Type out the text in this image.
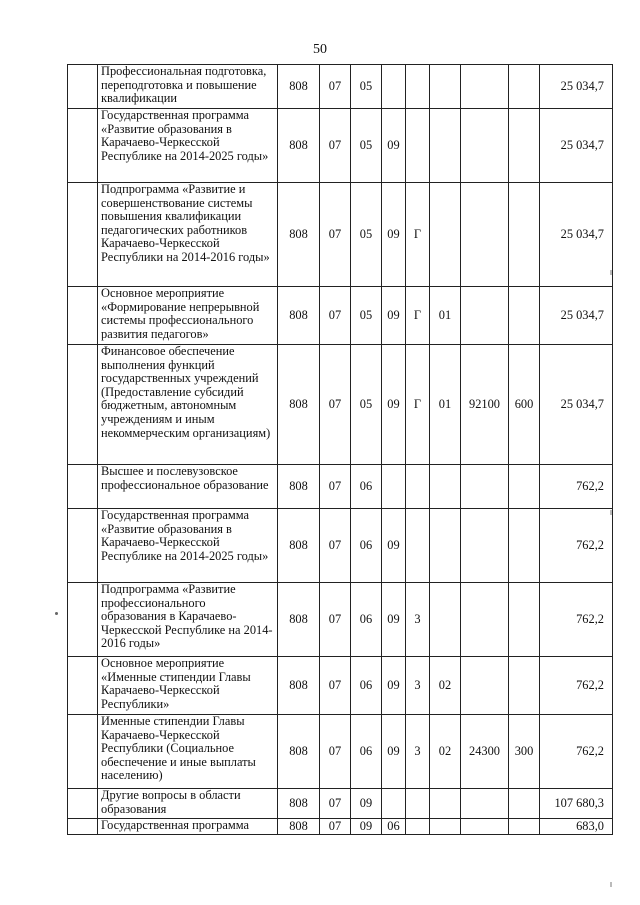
50
	Профессиональная подготовка, переподготовка и повышение квалификации	808	07	05						25 034,7
	Государственная программа «Развитие образования в Карачаево-Черкесской Республике на 2014-2025 годы»	808	07	05	09					25 034,7
	Подпрограмма «Развитие и совершенствование системы повышения квалификации педагогических работников Карачаево-Черкесской Республики на 2014-2016 годы»	808	07	05	09	Г				25 034,7
	Основное мероприятие «Формирование непрерывной системы профессионального развития педагогов»	808	07	05	09	Г	01			25 034,7
	Финансовое обеспечение выполнения функций государственных учреждений (Предоставление субсидий бюджетным, автономным учреждениям и иным некоммерческим организациям)	808	07	05	09	Г	01	92100	600	25 034,7
	Высшее и послевузовское профессиональное образование	808	07	06						762,2
	Государственная программа «Развитие образования в Карачаево-Черкесской Республике на 2014-2025 годы»	808	07	06	09					762,2
	Подпрограмма «Развитие профессионального образования в Карачаево-Черкесской Республике на 2014-2016 годы»	808	07	06	09	3				762,2
	Основное мероприятие «Именные стипендии Главы Карачаево-Черкесской Республики»	808	07	06	09	3	02			762,2
	Именные стипендии Главы Карачаево-Черкесской Республики (Социальное обеспечение и иные выплаты населению)	808	07	06	09	3	02	24300	300	762,2
	Другие вопросы в области образования	808	07	09						107 680,3
	Государственная программа	808	07	09	06					683,0
